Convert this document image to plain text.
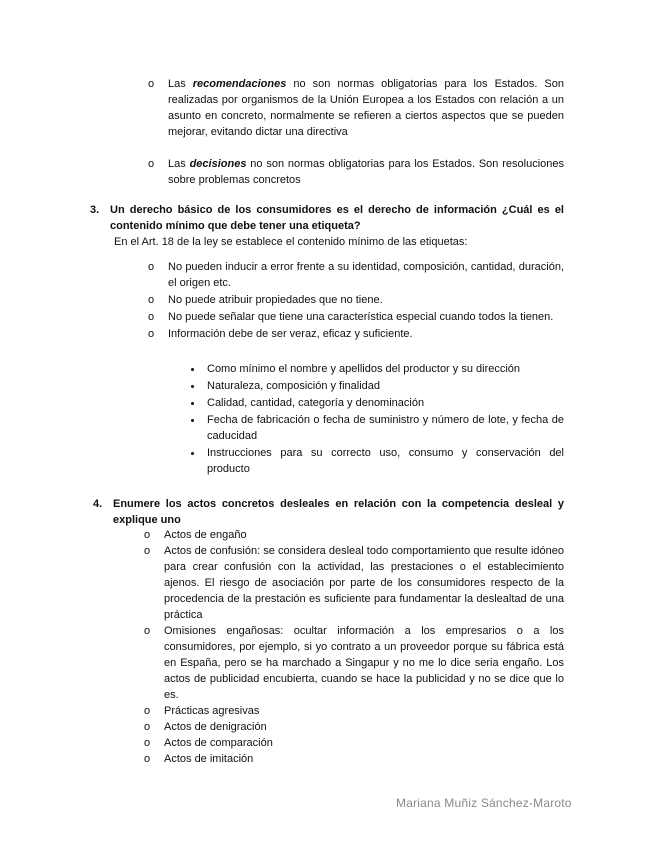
o	Las recomendaciones no son normas obligatorias para los Estados. Son realizadas por organismos de la Unión Europea a los Estados con relación a un asunto en concreto, normalmente se refieren a ciertos aspectos que se pueden mejorar, evitando dictar una directiva
o	Las decisiones no son normas obligatorias para los Estados. Son resoluciones sobre problemas concretos
3. Un derecho básico de los consumidores es el derecho de información ¿Cuál es el contenido mínimo que debe tener una etiqueta?
En el Art. 18 de la ley se establece el contenido mínimo de las etiquetas:
o	No pueden inducir a error frente a su identidad, composición, cantidad, duración, el origen etc.
o	No puede atribuir propiedades que no tiene.
o	No puede señalar que tiene una característica especial cuando todos la tienen.
o	Información debe de ser veraz, eficaz y suficiente.
Como mínimo el nombre y apellidos del productor y su dirección
Naturaleza, composición y finalidad
Calidad, cantidad, categoría y denominación
Fecha de fabricación o fecha de suministro y número de lote, y fecha de caducidad
Instrucciones para su correcto uso, consumo y conservación del producto
4. Enumere los actos concretos desleales en relación con la competencia desleal y explique uno
o	Actos de engaño
o	Actos de confusión: se considera desleal todo comportamiento que resulte idóneo para crear confusión con la actividad, las prestaciones o el establecimiento ajenos. El riesgo de asociación por parte de los consumidores respecto de la procedencia de la prestación es suficiente para fundamentar la deslealtad de una práctica
o	Omisiones engañosas: ocultar información a los empresarios o a los consumidores, por ejemplo, si yo contrato a un proveedor porque su fábrica está en España, pero se ha marchado a Singapur y no me lo dice seria engaño. Los actos de publicidad encubierta, cuando se hace la publicidad y no se dice que lo es.
o	Prácticas agresivas
o	Actos de denigración
o	Actos de comparación
o	Actos de imitación
Mariana Muñiz Sánchez-Maroto
